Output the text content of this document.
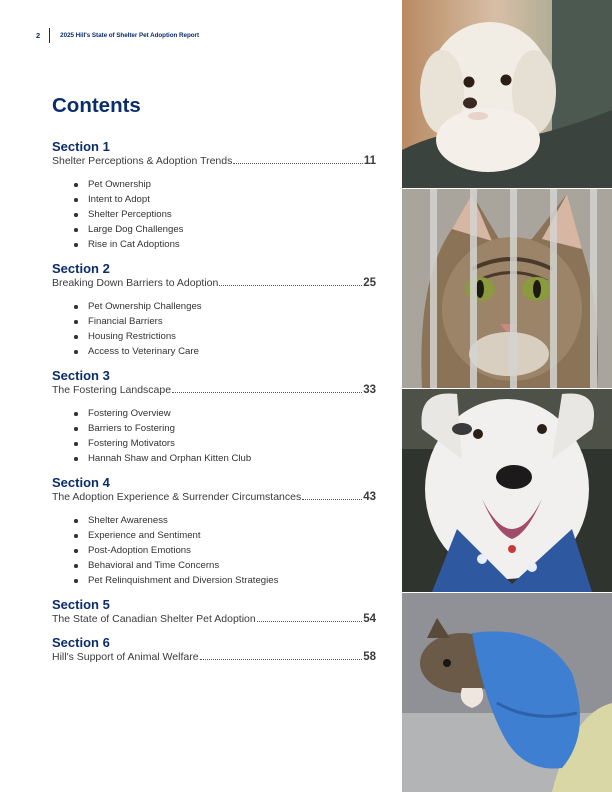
2	2025 Hill's State of Shelter Pet Adoption Report
Contents
Section 1
Shelter Perceptions & Adoption Trends	11
Pet Ownership
Intent to Adopt
Shelter Perceptions
Large Dog Challenges
Rise in Cat Adoptions
Section 2
Breaking Down Barriers to Adoption	25
Pet Ownership Challenges
Financial Barriers
Housing Restrictions
Access to Veterinary Care
Section 3
The Fostering Landscape	33
Fostering Overview
Barriers to Fostering
Fostering Motivators
Hannah Shaw and Orphan Kitten Club
Section 4
The Adoption Experience & Surrender Circumstances	43
Shelter Awareness
Experience and Sentiment
Post-Adoption Emotions
Behavioral and Time Concerns
Pet Relinquishment and Diversion Strategies
Section 5
The State of Canadian Shelter Pet Adoption	54
Section 6
Hill's Support of Animal Welfare	58
